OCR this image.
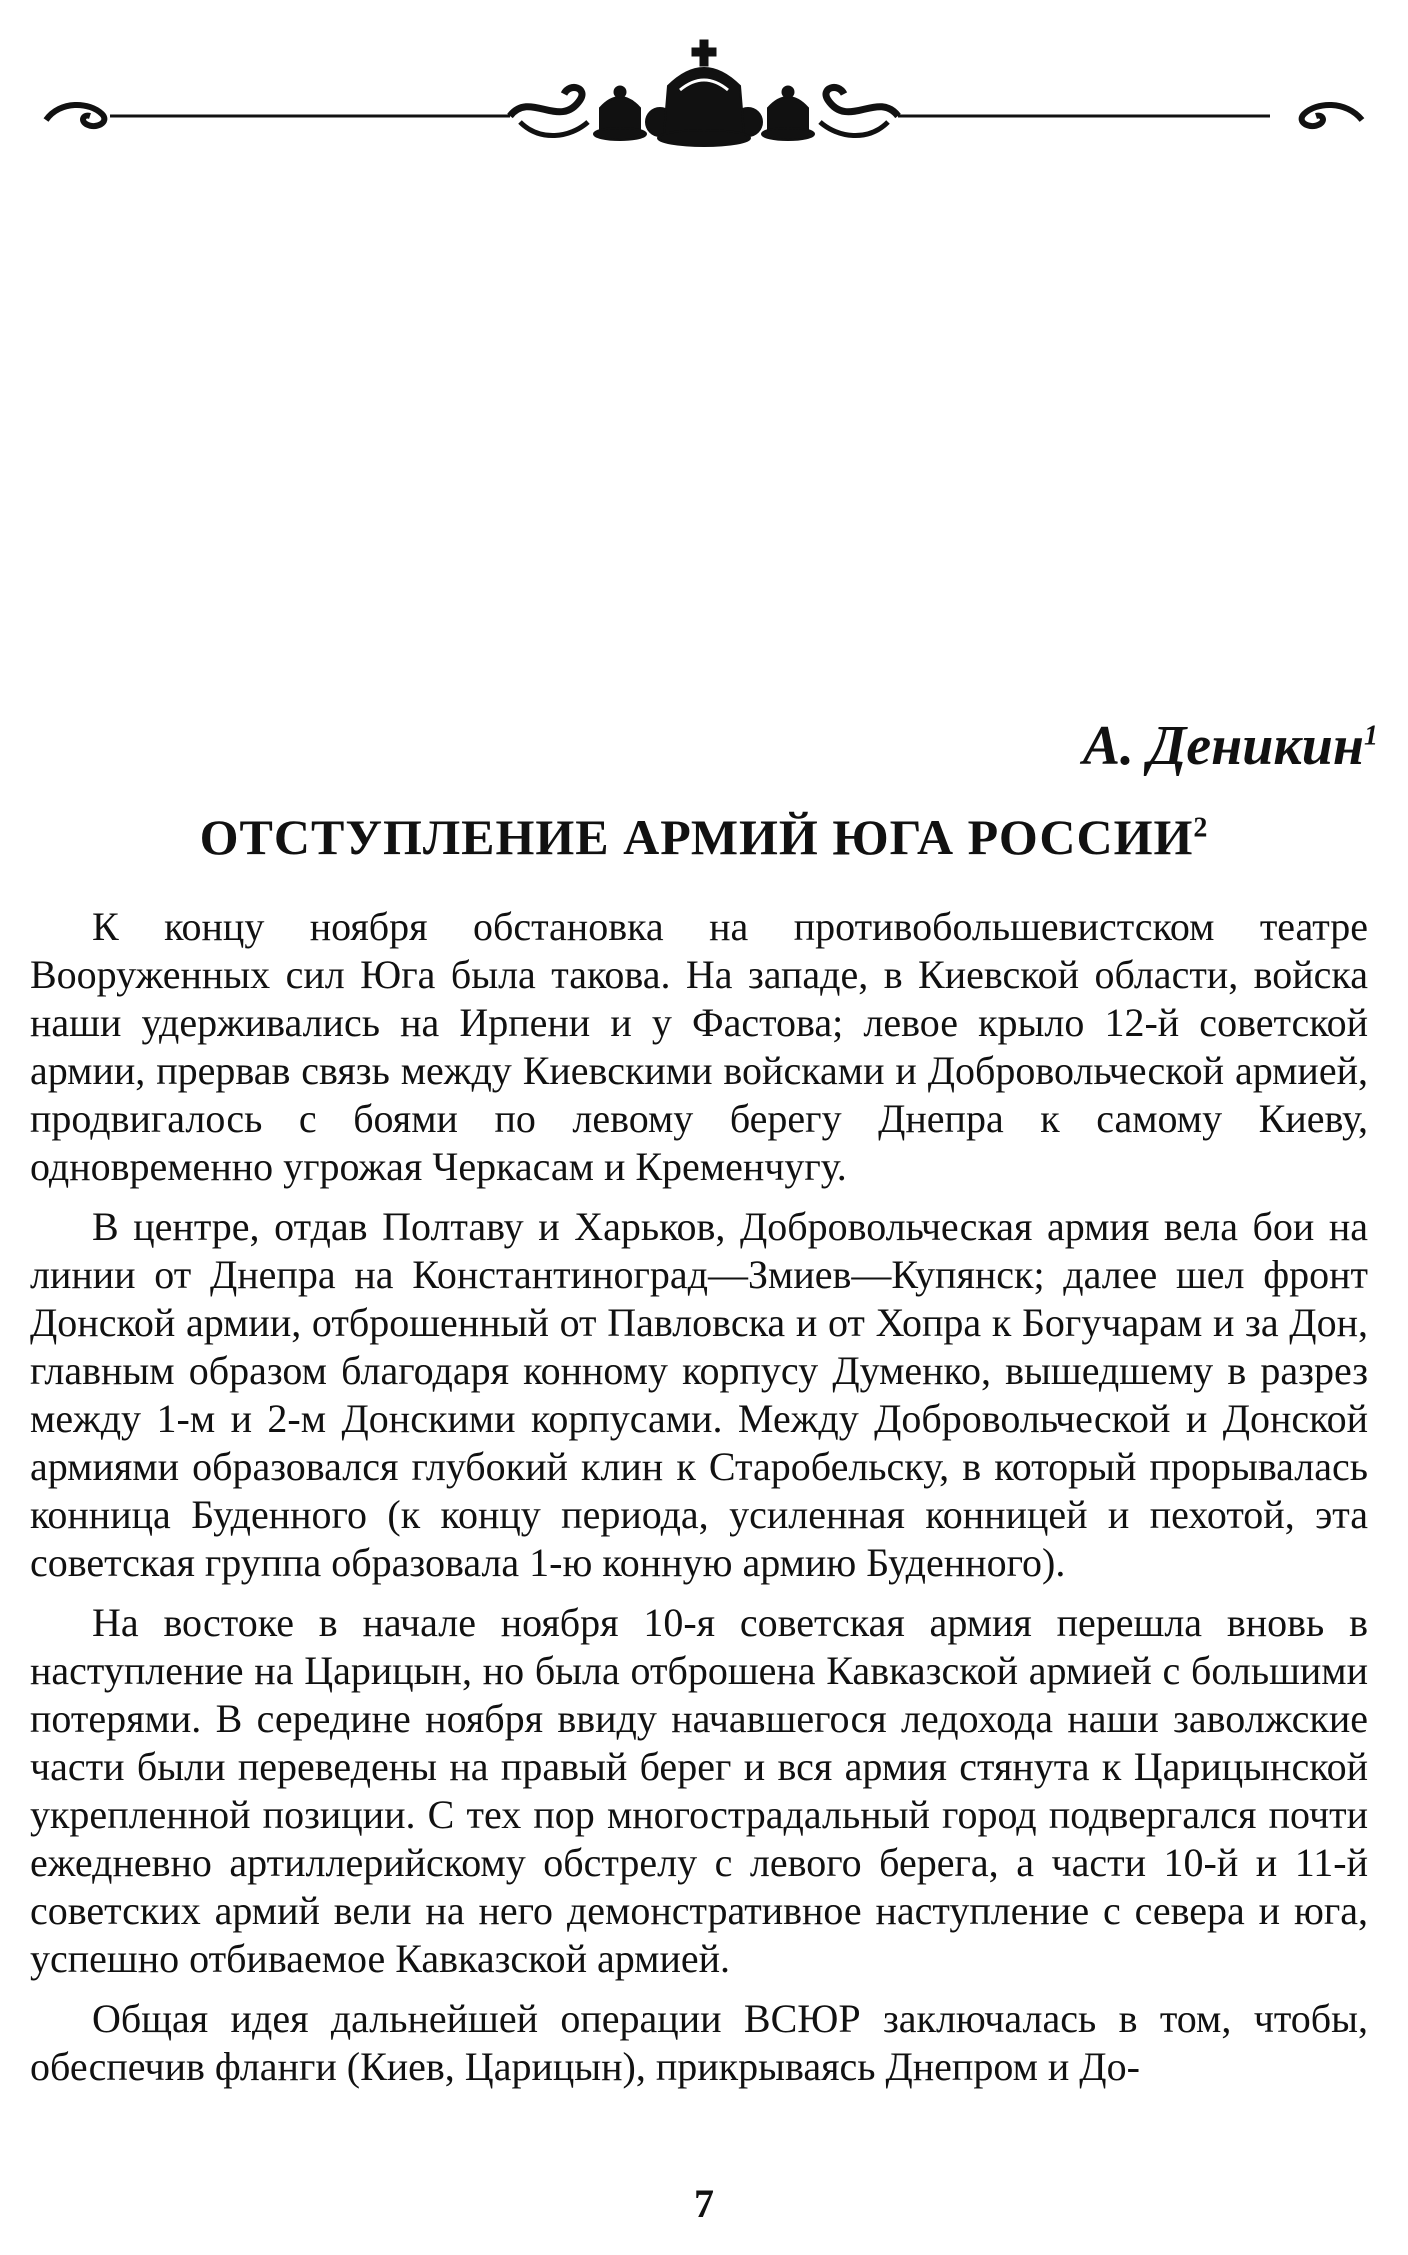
А. Деникин$^1$
ОТСТУПЛЕНИЕ АРМИЙ ЮГА РОССИИ$^2$

К концу ноября обстановка на противобольшевистском театре Вооруженных сил Юга была такова. На западе, в Киевской области, войска наши удерживались на Ирпени и у Фастова; левое крыло 12-й советской армии, прервав связь между Киевскими войсками и Добровольческой армией, продвигалось с боями по левому берегу Днепра к самому Киеву, одновременно угрожая Черкасам и Кременчугу.

В центре, отдав Полтаву и Харьков, Добровольческая армия вела бои на линии от Днепра на Константиноград—Змиев—Купянск; далее шел фронт Донской армии, отброшенный от Павловска и от Хопра к Богучарам и за Дон, главным образом благодаря конному корпусу Думенко, вышедшему в разрез между 1-м и 2-м Донскими корпусами. Между Добровольческой и Донской армиями образовался глубокий клин к Старобельску, в который прорывалась конница Буденного (к концу периода, усиленная конницей и пехотой, эта советская группа образовала 1-ю конную армию Буденного).

На востоке в начале ноября 10-я советская армия перешла вновь в наступление на Царицын, но была отброшена Кавказской армией с большими потерями. В середине ноября ввиду начавшегося ледохода наши заволжские части были переведены на правый берег и вся армия стянута к Царицынской укрепленной позиции. С тех пор многострадальный город подвергался почти ежедневно артиллерийскому обстрелу с левого берега, а части 10-й и 11-й советских армий вели на него демонстративное наступление с севера и юга, успешно отбиваемое Кавказской армией.

Общая идея дальнейшей операции ВСЮР заключалась в том, чтобы, обеспечив фланги (Киев, Царицын), прикрываясь Днепром и До-

7
